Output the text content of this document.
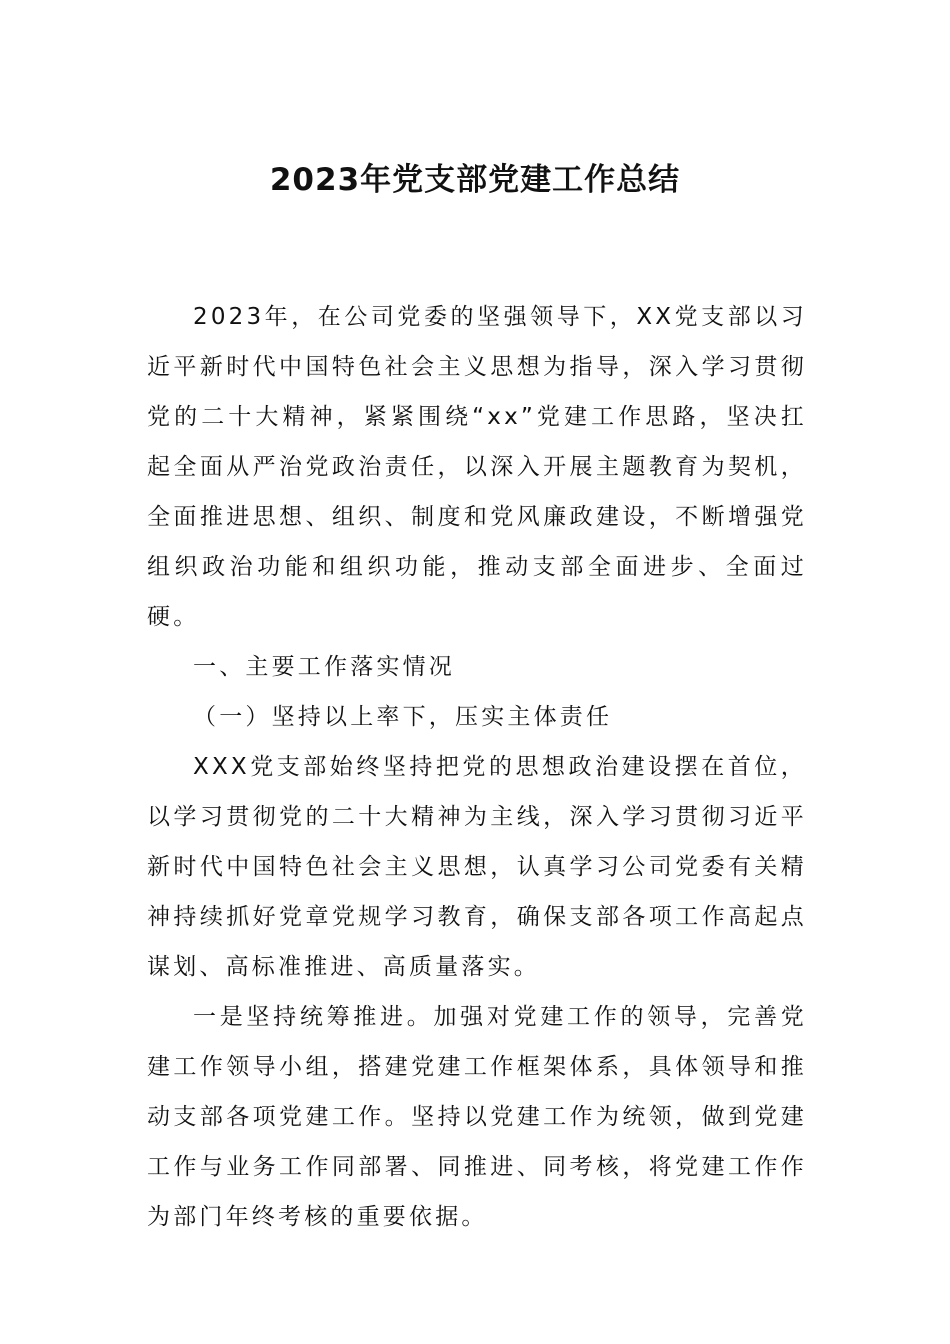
2023年党支部党建工作总结

2023年，在公司党委的坚强领导下，XX党支部以习近平新时代中国特色社会主义思想为指导，深入学习贯彻党的二十大精神，紧紧围绕“xx”党建工作思路，坚决扛起全面从严治党政治责任，以深入开展主题教育为契机，全面推进思想、组织、制度和党风廉政建设，不断增强党组织政治功能和组织功能，推动支部全面进步、全面过硬。

一、主要工作落实情况

（一）坚持以上率下，压实主体责任

XXX党支部始终坚持把党的思想政治建设摆在首位，以学习贯彻党的二十大精神为主线，深入学习贯彻习近平新时代中国特色社会主义思想，认真学习公司党委有关精神持续抓好党章党规学习教育，确保支部各项工作高起点谋划、高标准推进、高质量落实。

一是坚持统筹推进。加强对党建工作的领导，完善党建工作领导小组，搭建党建工作框架体系，具体领导和推动支部各项党建工作。坚持以党建工作为统领，做到党建工作与业务工作同部署、同推进、同考核，将党建工作作为部门年终考核的重要依据。
